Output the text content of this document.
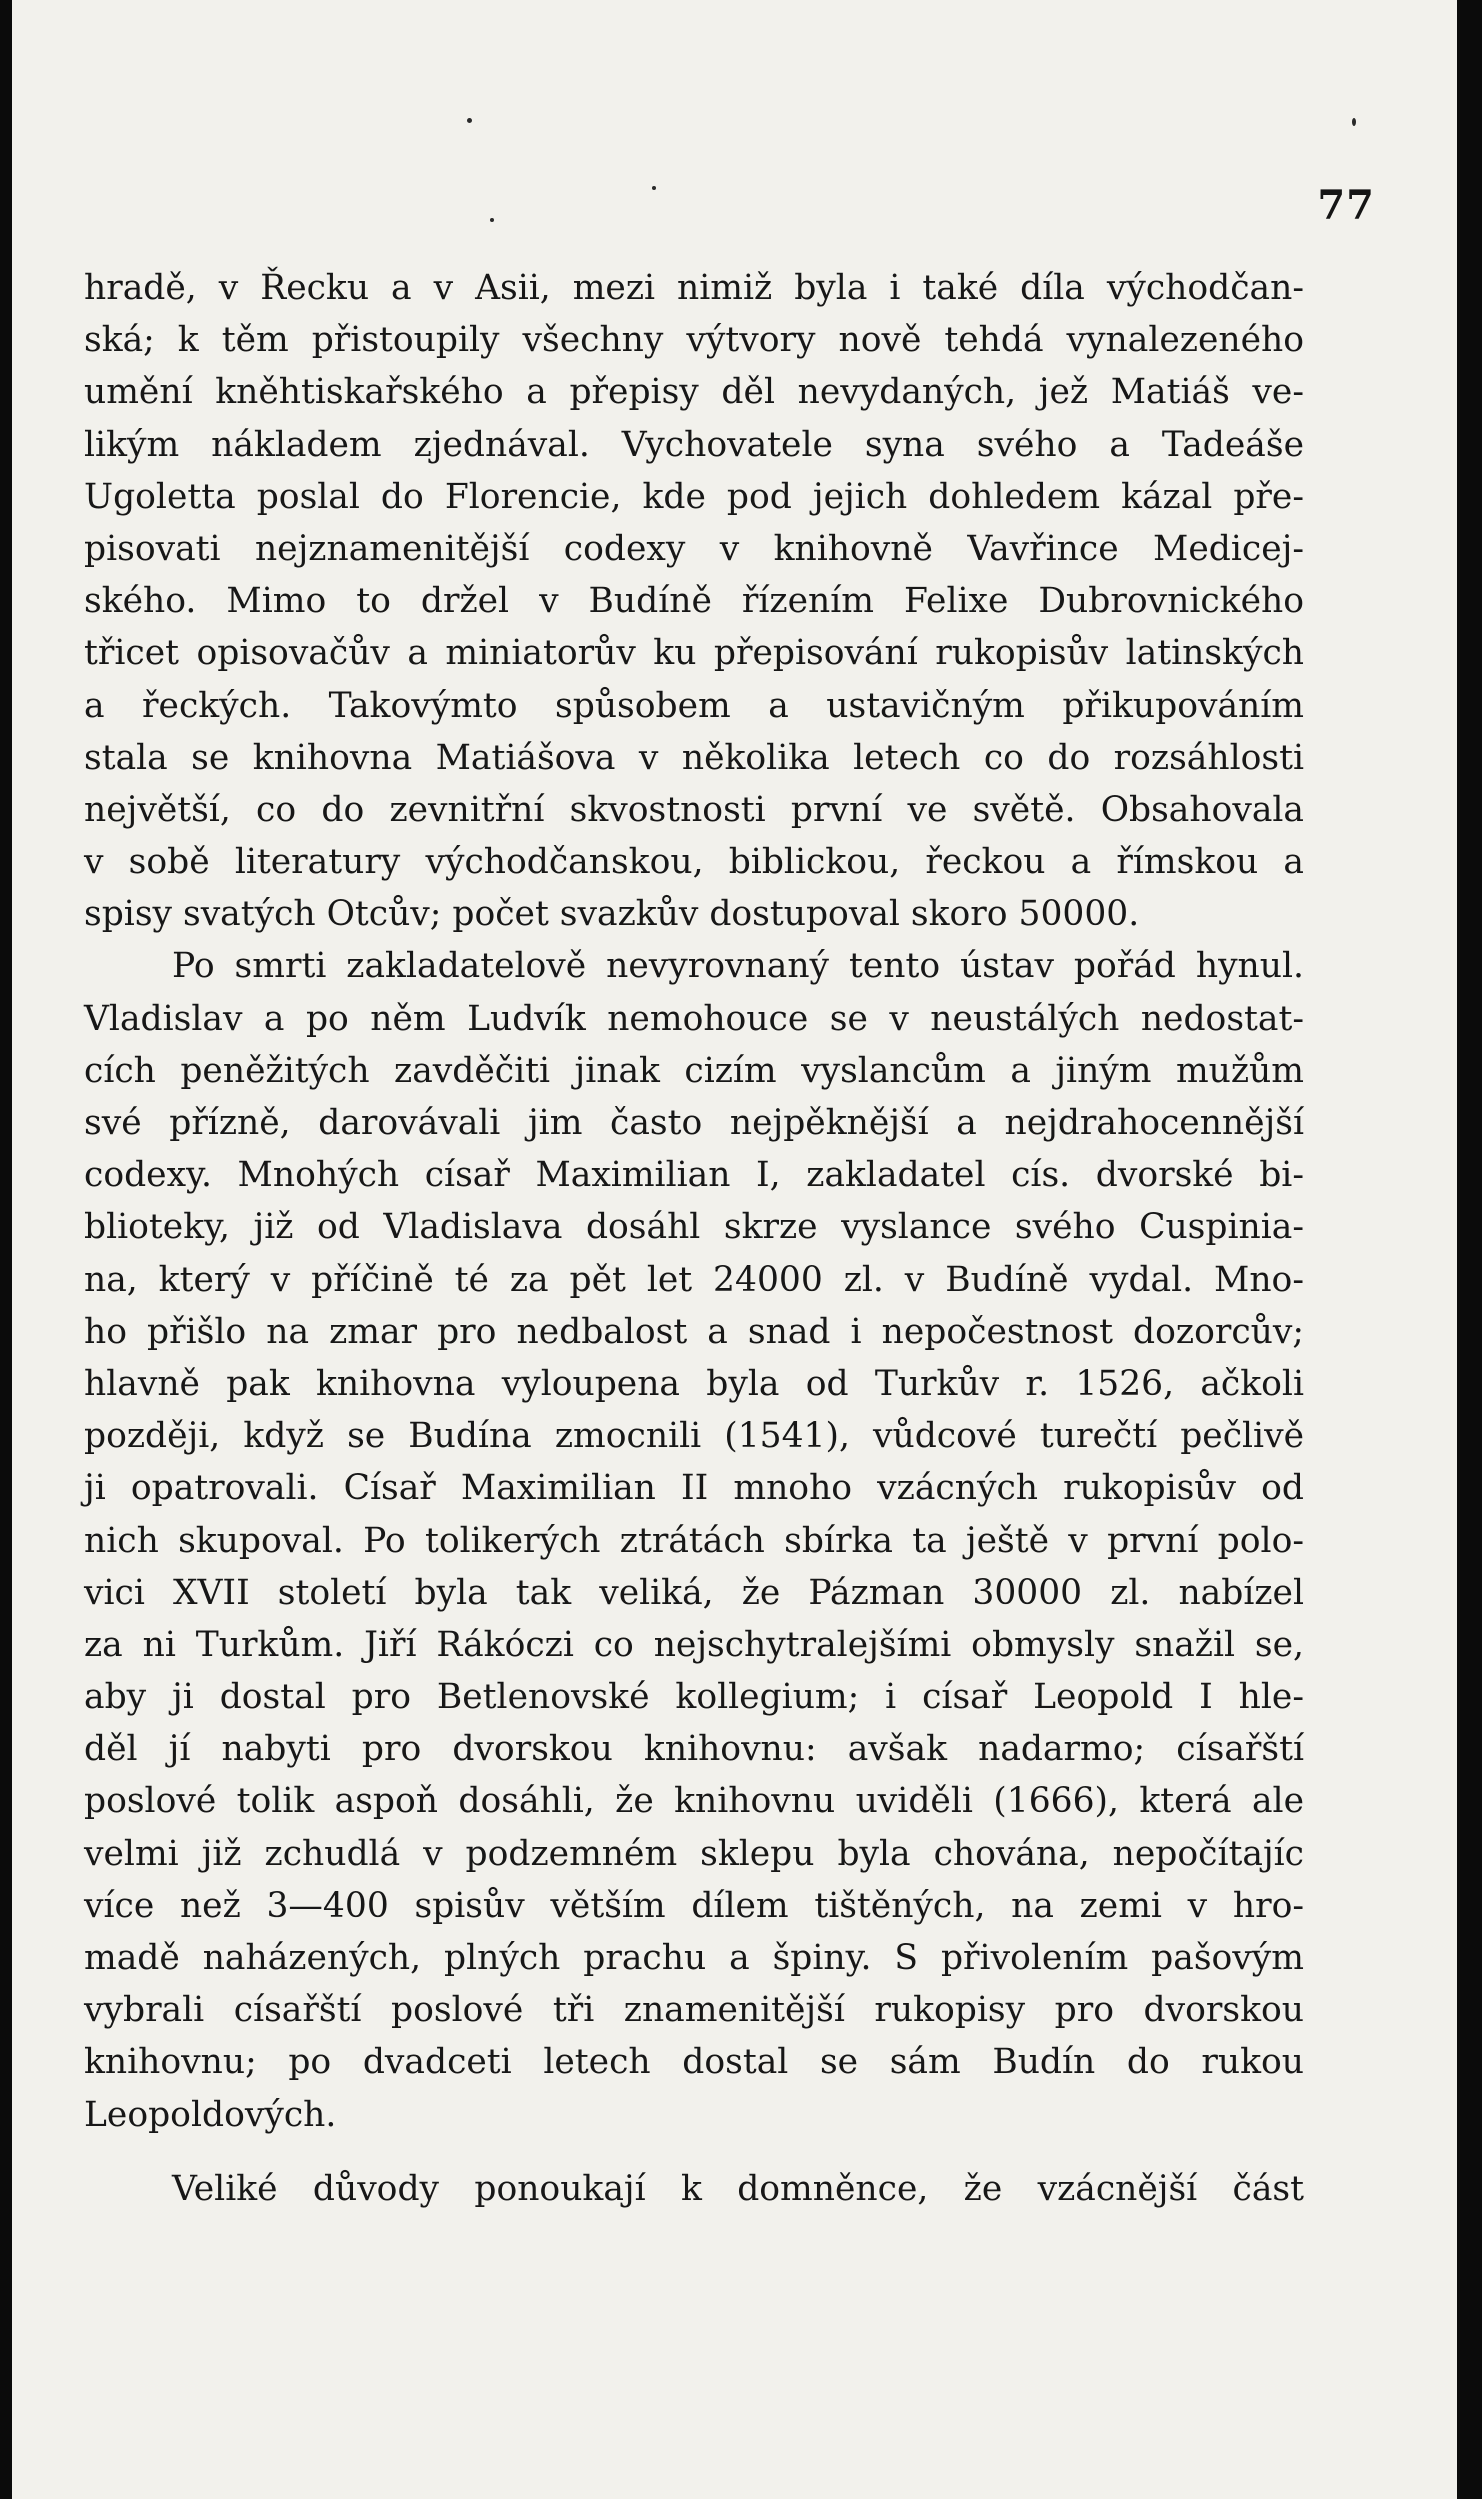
77
hradě, v Řecku a v Asii, mezi nimiž byla i také díla východčan-
ská; k těm přistoupily všechny výtvory nově tehdá vynalezeného
umění kněhtiskařského a přepisy děl nevydaných, jež Matiáš ve-
likým nákladem zjednával. Vychovatele syna svého a Tadeáše
Ugoletta poslal do Florencie, kde pod jejich dohledem kázal pře-
pisovati nejznamenitější codexy v knihovně Vavřince Medicej-
ského. Mimo to držel v Budíně řízením Felixe Dubrovnického
třicet opisovačův a miniatorův ku přepisování rukopisův latinských
a řeckých. Takovýmto spůsobem a ustavičným přikupováním
stala se knihovna Matiášova v několika letech co do rozsáhlosti
největší, co do zevnitřní skvostnosti první ve světě. Obsahovala
v sobě literatury východčanskou, biblickou, řeckou a římskou a
spisy svatých Otcův; počet svazkův dostupoval skoro 50000.
Po smrti zakladatelově nevyrovnaný tento ústav pořád hynul.
Vladislav a po něm Ludvík nemohouce se v neustálých nedostat-
cích peněžitých zavděčiti jinak cizím vyslancům a jiným mužům
své přízně, darovávali jim často nejpěknější a nejdrahocennější
codexy. Mnohých císař Maximilian I, zakladatel cís. dvorské bi-
blioteky, již od Vladislava dosáhl skrze vyslance svého Cuspinia-
na, který v příčině té za pět let 24000 zl. v Budíně vydal. Mno-
ho přišlo na zmar pro nedbalost a snad i nepočestnost dozorcův;
hlavně pak knihovna vyloupena byla od Turkův r. 1526, ačkoli
později, když se Budína zmocnili (1541), vůdcové turečtí pečlivě
ji opatrovali. Císař Maximilian II mnoho vzácných rukopisův od
nich skupoval. Po tolikerých ztrátách sbírka ta ještě v první polo-
vici XVII století byla tak veliká, že Pázman 30000 zl. nabízel
za ni Turkům. Jiří Rákóczi co nejschytralejšími obmysly snažil se,
aby ji dostal pro Betlenovské kollegium; i císař Leopold I hle-
děl jí nabyti pro dvorskou knihovnu: avšak nadarmo; císařští
poslové tolik aspoň dosáhli, že knihovnu uviděli (1666), která ale
velmi již zchudlá v podzemném sklepu byla chována, nepočítajíc
více než 3—400 spisův větším dílem tištěných, na zemi v hro-
madě naházených, plných prachu a špiny. S přivolením pašovým
vybrali císařští poslové tři znamenitější rukopisy pro dvorskou
knihovnu; po dvadceti letech dostal se sám Budín do rukou
Leopoldových.
Veliké důvody ponoukají k domněnce, že vzácnější část
